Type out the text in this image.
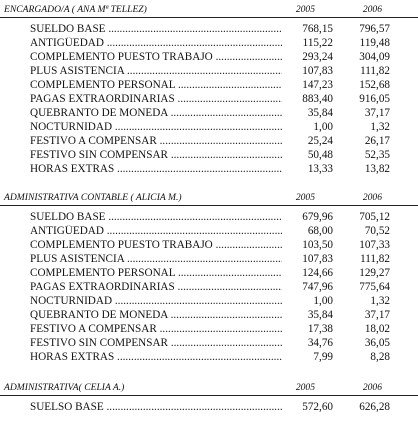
ENCARGADO/A ( ANA Mª TELLEZ)	2005	2006
SUELDO BASE .....	768,15 796,57
ANTIGÜEDAD .....	115,22 119,48
COMPLEMENTO PUESTO TRABAJO .....	293,24 304,09
PLUS ASISTENCIA .....	107,83 111,82
COMPLEMENTO PERSONAL .....	147,23 152,68
PAGAS EXTRAORDINARIAS .....	883,40 916,05
QUEBRANTO DE MONEDA .....	35,84	37,17
NOCTURNIDAD .....	1,00	1,32
FESTIVO A COMPENSAR .....	25,24	26,17
FESTIVO SIN COMPENSAR .....	50,48	52,35
HORAS EXTRAS .....	13,33	13,82
ADMINISTRATIVA CONTABLE ( ALICIA M.)	2005	2006
SUELDO BASE .....	679,96 705,12
ANTIGÜEDAD .....	68,00	70,52
COMPLEMENTO PUESTO TRABAJO .....	103,50 107,33
PLUS ASISTENCIA .....	107,83 111,82
COMPLEMENTO PERSONAL .....	124,66 129,27
PAGAS EXTRAORDINARIAS .....	747,96 775,64
NOCTURNIDAD .....	1,00	1,32
QUEBRANTO DE MONEDA .....	35,84	37,17
FESTIVO A COMPENSAR .....	17,38	18,02
FESTIVO SIN COMPENSAR .....	34,76	36,05
HORAS EXTRAS .....	7,99	8,28
ADMINISTRATIVA( CELIA A.)	2005	2006
SUELSO BASE .....	572,60 626,28
